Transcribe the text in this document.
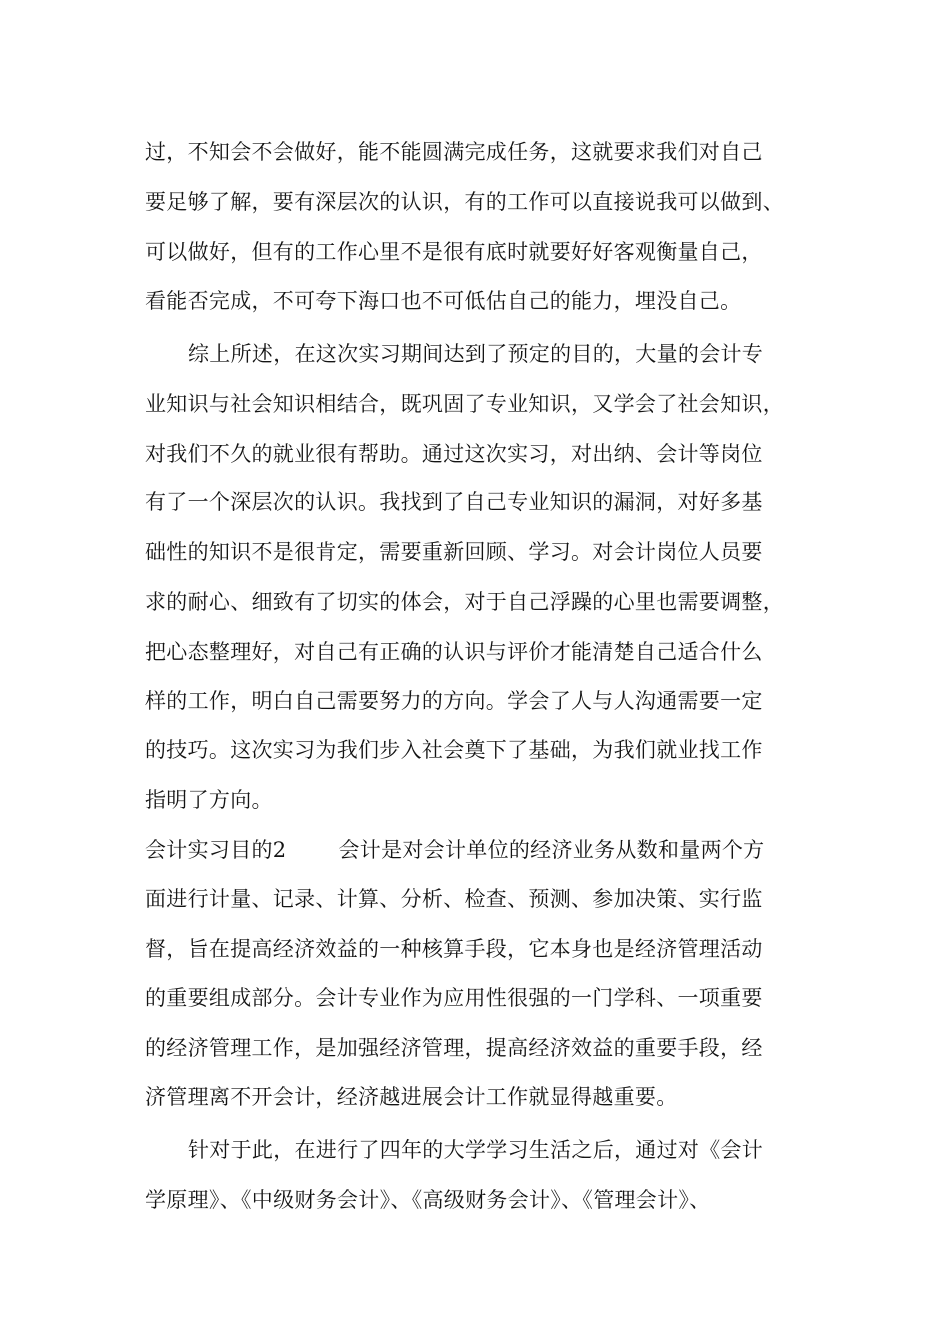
过，不知会不会做好，能不能圆满完成任务，这就要求我们对自己
要足够了解，要有深层次的认识，有的工作可以直接说我可以做到、
可以做好，但有的工作心里不是很有底时就要好好客观衡量自己，
看能否完成，不可夸下海口也不可低估自己的能力，埋没自己。
综上所述，在这次实习期间达到了预定的目的，大量的会计专
业知识与社会知识相结合，既巩固了专业知识，又学会了社会知识，
对我们不久的就业很有帮助。通过这次实习，对出纳、会计等岗位
有了一个深层次的认识。我找到了自己专业知识的漏洞，对好多基
础性的知识不是很肯定，需要重新回顾、学习。对会计岗位人员要
求的耐心、细致有了切实的体会，对于自己浮躁的心里也需要调整，
把心态整理好，对自己有正确的认识与评价才能清楚自己适合什么
样的工作，明白自己需要努力的方向。学会了人与人沟通需要一定
的技巧。这次实习为我们步入社会奠下了基础，为我们就业找工作
指明了方向。
会计实习目的2 会计是对会计单位的经济业务从数和量两个方
面进行计量、记录、计算、分析、检查、预测、参加决策、实行监
督，旨在提高经济效益的一种核算手段，它本身也是经济管理活动
的重要组成部分。会计专业作为应用性很强的一门学科、一项重要
的经济管理工作，是加强经济管理，提高经济效益的重要手段，经
济管理离不开会计，经济越进展会计工作就显得越重要。
针对于此，在进行了四年的大学学习生活之后，通过对《会计
学原理》、《中级财务会计》、《高级财务会计》、《管理会计》、
